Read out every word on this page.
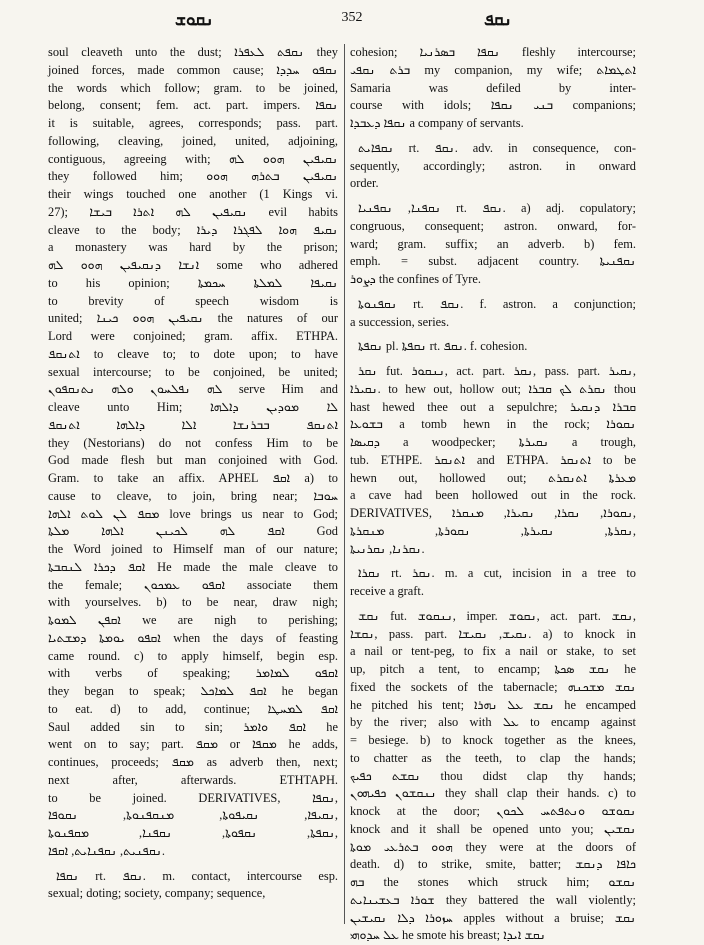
ܢܩܘܫ	352	ܢܩܦ
soul cleaveth unto the dust; ܢܩܦܬ ܠܥܦܪܐ they
joined forces, made common cause; ܢܩܦܘ ܚܕܕܐ
the words which follow; gram. to be joined,
belong, consent; fem. act. part. impers. ܢܩܦܐ
it is suitable, agrees, corresponds; pass. part.
following, cleaving, joined, united, adjoining,
contiguous, agreeing with; ܢܩܝܦܝܢ ܗܘܘ ܠܗ
they followed him; ܢܩܝܦܝܢ ܒܬܪܗ ܗܘܘ
their wings touched one another (1 Kings vi.
27); ܢܩܝܦܝܢ ܠܗ ܐܬܪܐ ܒܝܫܐ evil habits
cleave to the body; ܢܩܝܦ ܗܘܐ ܠܦܓܪܐ ܕܝܪܐ
a monastery was hard by the prison;
ܐܢܫܐ ܕܢܩܝܦܝܢ ܗܘܘ ܠܗ some who adhered
to his opinion; ܢܩܝܦܐ ܠܡܠܬܐ ܚܟܡܬܐ
to brevity of speech wisdom is
united; ܢܩܝܦܝܢ ܗܘܘ ܟܝܢܐ the natures of our
Lord were conjoined; gram. affix. ETHPA.
ܐܬܢܩܦ to cleave to; to dote upon; to have
sexual intercourse; to be conjoined, be united;
ܠܗ ܢܦܠܚܘܢ ܘܠܗ ܢܬܢܩܦܘܢ serve Him and
cleave unto Him; ܠܐ ܡܘܕܝܢ ܕܐܠܗܐ
ܐܬܢܩܦ ܒܒܪܢܫܐ ܐܠܐ ܕܐܠܗܐ ܐܬܢܩܦ
they (Nestorians) do not confess Him to be
God made flesh but man conjoined with God.
Gram. to take an affix. APHEL ܐܩܦ a) to
cause to cleave, to join, bring near; ܚܘܒܐ
ܡܩܦ ܠܢ ܠܘܬ ܐܠܗܐ love brings us near to God;
ܐܩܦ ܠܗ ܠܟܝܢܢ ܐܠܗܐ ܡܠܬܐ God
the Word joined to Himself man of our nature;
ܐܩܦ ܕܟܪܐ ܠܢܩܒܬܐ He made the male cleave to
the female; ܐܩܦܘ ܥܡܟܘܢ associate them
with yourselves. b) to be near, draw nigh;
ܐܩܦܢ ܠܡܘܬܐ we are nigh to perishing;
ܐܩܦܘ ܝܘܡܬܐ ܕܡܫܬܝܐ when the days of feasting
came round. c) to apply himself, begin esp.
with verbs of speaking; ܐܩܦܘ ܠܡܐܡܪ
they began to speak; ܐܩܦ ܠܡܐܟܠ he began
to eat. d) to add, continue; ܐܩܦ ܠܡܚܛܐ
Saul added sin to sin; ܐܩܦ ܘܐܡܪ he
went on to say; part. ܡܩܦ or ܡܩܦܐ he adds,
continues, proceeds; ܡܩܦ as adverb then, next;
next after, afterwards. ETHTAPH.
to be joined. DERIVATIVES, ܢܩܦܐ,
ܢܩܝܦܐ, ܢܩܝܦܘܬܐ, ܡܢܩܦܢܘܬܐ, ܢܩܘܦܐ,
ܢܩܦܬܐ, ܢܩܦܘܬܐ, ܢܩܦܢܐ, ܡܩܦܢܘܬܐ,
ܢܩܦܢܝܬ, ܢܩܦܢܐܝܬ, ܐܩܦܐ.
ܢܩܦܐ rt. ܢܩܦ. m. contact, intercourse esp.
sexual; doting; society, company; sequence,
cohesion; ܢܩܦܐ ܒܣܪܢܝܐ fleshly intercourse;
ܒܪܬ ܢܩܦܝ my companion, my wife; ܐܬܛܡܐܬ
Samaria was defiled by inter-
course with idols; ܒܢܝ ܢܩܦܐ companions;
ܢܩܦܐ ܕܥܒܕܐ a company of servants.
ܢܩܦܐܝܬ rt. ܢܩܦ. adv. in consequence, con-
sequently, accordingly; astron. in onward
order.
ܢܩܦܢܐ, ܢܩܦܢܝܐ rt. ܢܩܦ. a) adj. copulatory;
congruous, consequent; astron. onward, for-
ward; gram. suffix; an adverb. b) fem.
emph. = subst. adjacent country. ܢܩܦܢܝܬܐ
ܕܨܘܪ the confines of Tyre.
ܢܩܦܢܘܬܐ rt. ܢܩܦ. f. astron. a conjunction;
a succession, series.
ܢܩܦܬܐ pl. ܢܩܦܬܐ rt. ܢܩܦ. f. cohesion.
ܢܩܪ fut. ܢܢܩܘܪ, act. part. ܢܩܪ, pass. part. ܢܩܝܪ,
ܢܩܝܪܐ. to hew out, hollow out; ܢܩܪܬ ܠܟ ܩܒܪܐ thou
hast hewed thee out a sepulchre; ܩܒܪܐ ܕܢܩܝܪ
ܒܫܘܥܐ a tomb hewn in the rock; ܢܩܘܪܐ
ܕܩܝܣܐ a woodpecker; ܢܩܝܪܬܐ a trough,
tub. ETHPE. ܐܬܢܩܪ and ETHPA. ܐܬܢܩܪ to be
hewn out, hollowed out; ܡܥܪܬܐ ܐܬܢܩܪܬ
a cave had been hollowed out in the rock.
DERIVATIVES, ܢܩܘܪܐ, ܢܩܪܐ, ܢܩܝܪܐ, ܡܢܩܪܐ,
ܢܩܪܬܐ, ܢܩܝܪܬܐ, ܢܩܘܪܬܐ, ܡܢܩܪܬܐ,
ܢܩܪܢܐ, ܢܩܪܢܝܬܐ.
ܢܩܪܐ rt. ܢܩܪ. m. a cut, incision in a tree to
receive a graft.
ܢܩܫ fut. ܢܢܩܘܫ, imper. ܢܩܘܫ, act. part. ܢܩܫ,
ܢܩܫܐ, pass. part. ܢܩܝܫ, ܢܩܝܫܐ. a) to knock in
a nail or tent-peg, to fix a nail or stake, to set
up, pitch a tent, to encamp; ܢܩܫ ܣܟܬܐ he
fixed the sockets of the tabernacle; ܢܩܫ ܡܫܟܢܗ
he pitched his tent; ܢܩܫ ܥܠ ܢܗܪܐ he encamped
by the river; also with ܥܠ to encamp against
= besiege. b) to knock together as the knees,
to chatter as the teeth, to clap the hands;
ܢܩܫܬ ܟܦܝܟ thou didst clap thy hands;
ܢܢܩܫܘܢ ܟܦܝܗܘܢ they shall clap their hands. c) to
knock at the door; ܢܩܘܫܘ ܘܢܬܦܬܚ ܠܟܘܢ
knock and it shall be opened unto you; ܢܩܫܝܢ
ܗܘܘ ܒܬܪܥܝ ܡܘܬܐ they were at the doors of
death. d) to strike, smite, batter; ܟܐܦܐ ܕܢܩܫ
ܒܗ the stones which struck him; ܢܩܫܘ
ܫܘܪܐ ܒܥܫܝܢܐܝܬ they battered the wall violently;
ܚܙܘܪܐ ܕܠܐ ܢܩܝܫܝܢ apples without a bruise; ܢܩܫ
ܥܠ ܚܕܘܗܝ he smote his breast; ܢܩܫ ܐܝܕܐ
